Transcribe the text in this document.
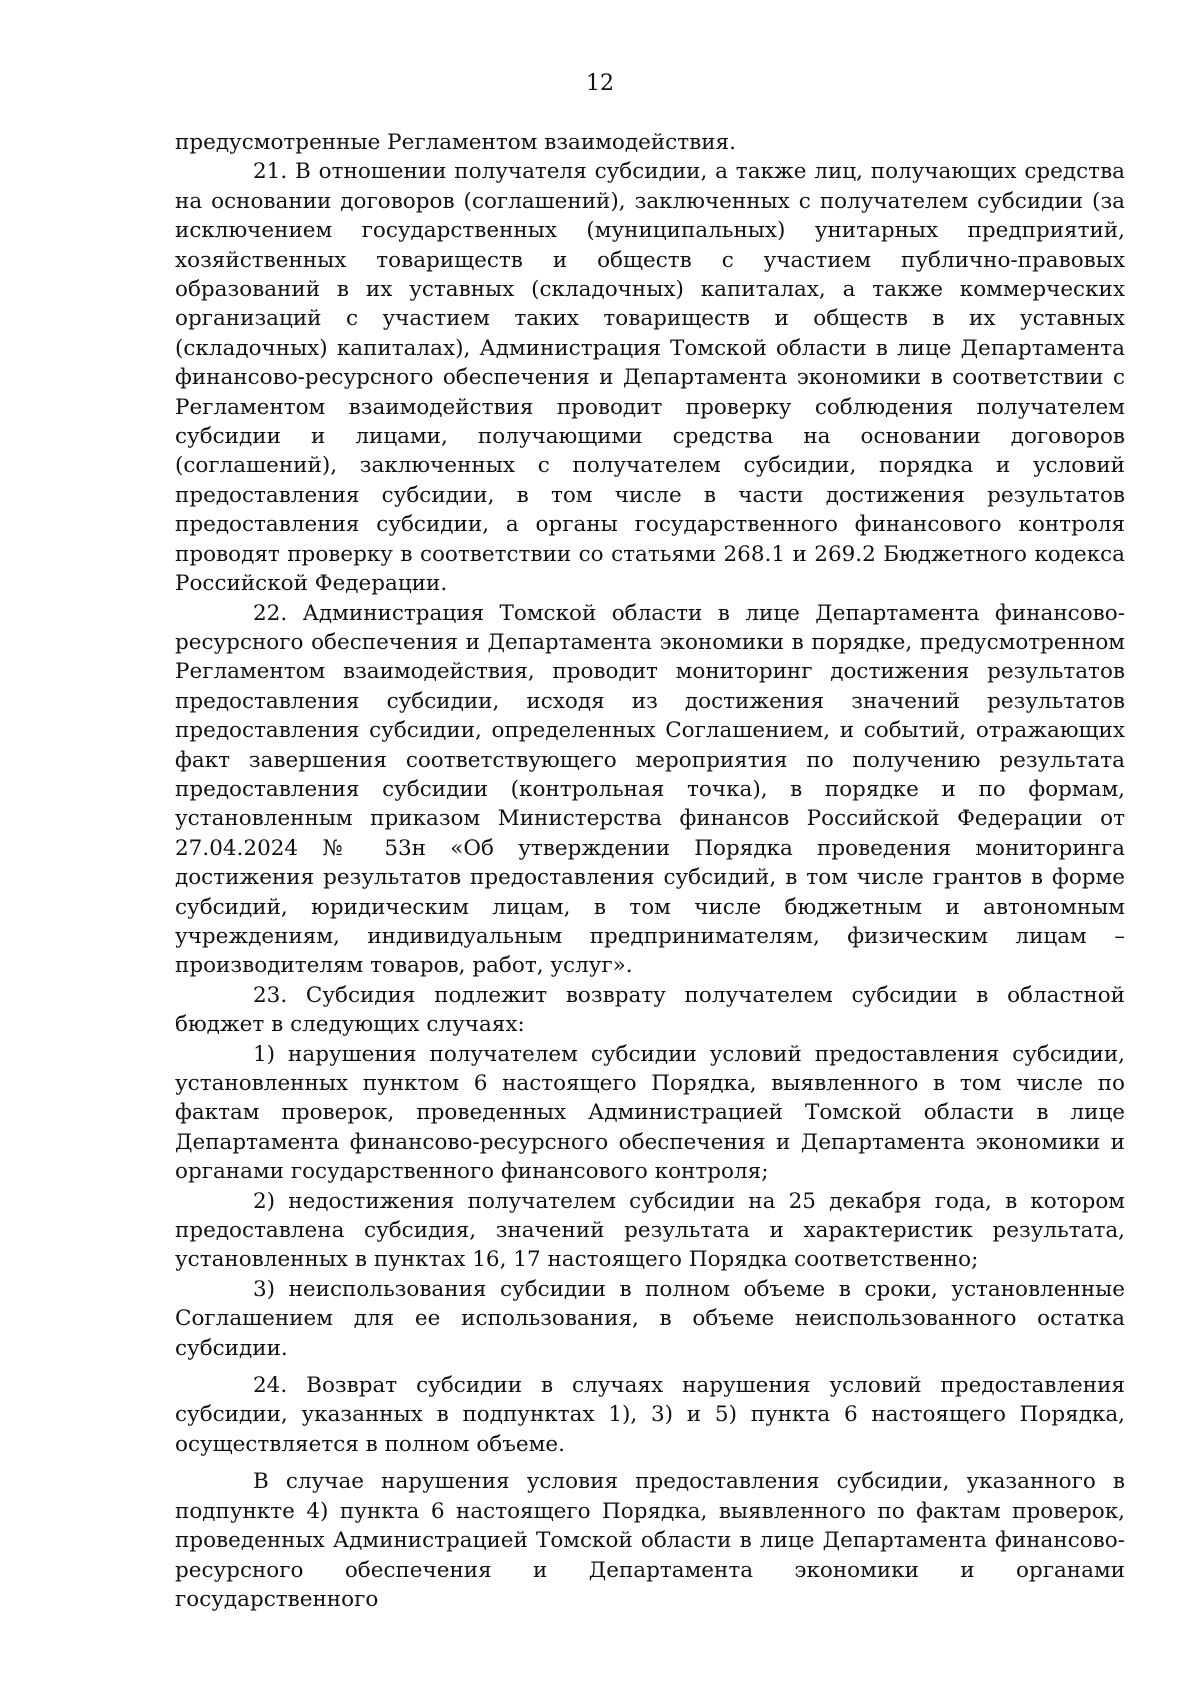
12

предусмотренные Регламентом взаимодействия.

21. В отношении получателя субсидии, а также лиц, получающих средства на основании договоров (соглашений), заключенных с получателем субсидии (за исключением государственных (муниципальных) унитарных предприятий, хозяйственных товариществ и обществ с участием публично-правовых образований в их уставных (складочных) капиталах, а также коммерческих организаций с участием таких товариществ и обществ в их уставных (складочных) капиталах), Администрация Томской области в лице Департамента финансово-ресурсного обеспечения и Департамента экономики в соответствии с Регламентом взаимодействия проводит проверку соблюдения получателем субсидии и лицами, получающими средства на основании договоров (соглашений), заключенных с получателем субсидии, порядка и условий предоставления субсидии, в том числе в части достижения результатов предоставления субсидии, а органы государственного финансового контроля проводят проверку в соответствии со статьями 268.1 и 269.2 Бюджетного кодекса Российской Федерации.

22. Администрация Томской области в лице Департамента финансово-ресурсного обеспечения и Департамента экономики в порядке, предусмотренном Регламентом взаимодействия, проводит мониторинг достижения результатов предоставления субсидии, исходя из достижения значений результатов предоставления субсидии, определенных Соглашением, и событий, отражающих факт завершения соответствующего мероприятия по получению результата предоставления субсидии (контрольная точка), в порядке и по формам, установленным приказом Министерства финансов Российской Федерации от 27.04.2024 № 53н «Об утверждении Порядка проведения мониторинга достижения результатов предоставления субсидий, в том числе грантов в форме субсидий, юридическим лицам, в том числе бюджетным и автономным учреждениям, индивидуальным предпринимателям, физическим лицам – производителям товаров, работ, услуг».

23. Субсидия подлежит возврату получателем субсидии в областной бюджет в следующих случаях:

1) нарушения получателем субсидии условий предоставления субсидии, установленных пунктом 6 настоящего Порядка, выявленного в том числе по фактам проверок, проведенных Администрацией Томской области в лице Департамента финансово-ресурсного обеспечения и Департамента экономики и органами государственного финансового контроля;

2) недостижения получателем субсидии на 25 декабря года, в котором предоставлена субсидия, значений результата и характеристик результата, установленных в пунктах 16, 17 настоящего Порядка соответственно;

3) неиспользования субсидии в полном объеме в сроки, установленные Соглашением для ее использования, в объеме неиспользованного остатка субсидии.

24. Возврат субсидии в случаях нарушения условий предоставления субсидии, указанных в подпунктах 1), 3) и 5) пункта 6 настоящего Порядка, осуществляется в полном объеме.

В случае нарушения условия предоставления субсидии, указанного в подпункте 4) пункта 6 настоящего Порядка, выявленного по фактам проверок, проведенных Администрацией Томской области в лице Департамента финансово-ресурсного обеспечения и Департамента экономики и органами государственного
